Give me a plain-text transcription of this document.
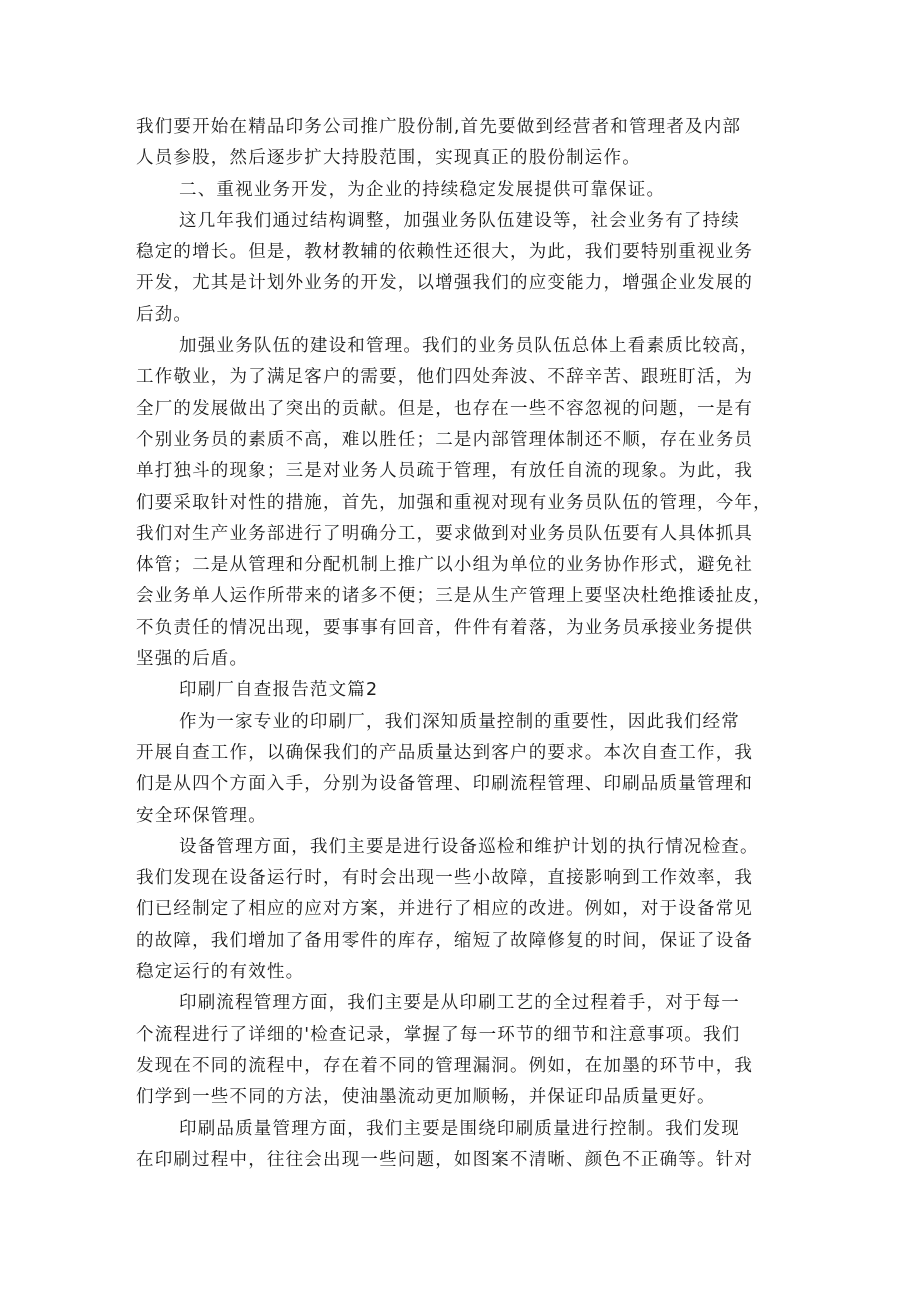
我们要开始在精品印务公司推广股份制,首先要做到经营者和管理者及内部
人员参股，然后逐步扩大持股范围，实现真正的股份制运作。
二、重视业务开发，为企业的持续稳定发展提供可靠保证。
这几年我们通过结构调整，加强业务队伍建设等，社会业务有了持续
稳定的增长。但是，教材教辅的依赖性还很大，为此，我们要特别重视业务
开发，尤其是计划外业务的开发，以增强我们的应变能力，增强企业发展的
后劲。
加强业务队伍的建设和管理。我们的业务员队伍总体上看素质比较高，
工作敬业，为了满足客户的需要，他们四处奔波、不辞辛苦、跟班盯活，为
全厂的发展做出了突出的贡献。但是，也存在一些不容忽视的问题，一是有
个别业务员的素质不高，难以胜任；二是内部管理体制还不顺，存在业务员
单打独斗的现象；三是对业务人员疏于管理，有放任自流的现象。为此，我
们要采取针对性的措施，首先，加强和重视对现有业务员队伍的管理，今年，
我们对生产业务部进行了明确分工，要求做到对业务员队伍要有人具体抓具
体管；二是从管理和分配机制上推广以小组为单位的业务协作形式，避免社
会业务单人运作所带来的诸多不便；三是从生产管理上要坚决杜绝推诿扯皮，
不负责任的情况出现，要事事有回音，件件有着落，为业务员承接业务提供
坚强的后盾。
印刷厂自查报告范文篇2
作为一家专业的印刷厂，我们深知质量控制的重要性，因此我们经常
开展自查工作，以确保我们的产品质量达到客户的要求。本次自查工作，我
们是从四个方面入手，分别为设备管理、印刷流程管理、印刷品质量管理和
安全环保管理。
设备管理方面，我们主要是进行设备巡检和维护计划的执行情况检查。
我们发现在设备运行时，有时会出现一些小故障，直接影响到工作效率，我
们已经制定了相应的应对方案，并进行了相应的改进。例如，对于设备常见
的故障，我们增加了备用零件的库存，缩短了故障修复的时间，保证了设备
稳定运行的有效性。
印刷流程管理方面，我们主要是从印刷工艺的全过程着手，对于每一
个流程进行了详细的'检查记录，掌握了每一环节的细节和注意事项。我们
发现在不同的流程中，存在着不同的管理漏洞。例如，在加墨的环节中，我
们学到一些不同的方法，使油墨流动更加顺畅，并保证印品质量更好。
印刷品质量管理方面，我们主要是围绕印刷质量进行控制。我们发现
在印刷过程中，往往会出现一些问题，如图案不清晰、颜色不正确等。针对
